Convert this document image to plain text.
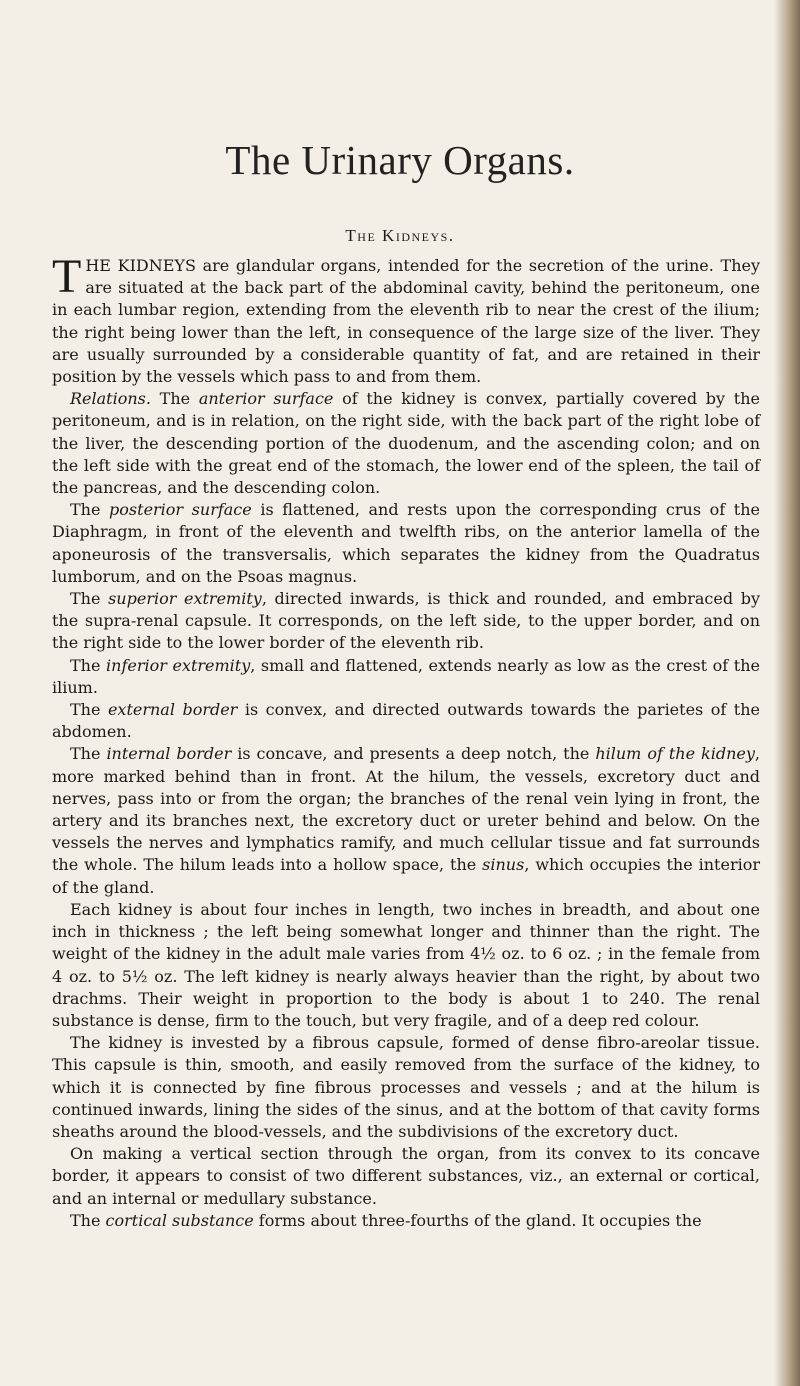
The Urinary Organs.
The Kidneys.

THE KIDNEYS are glandular organs, intended for the secretion of the urine. They are situated at the back part of the abdominal cavity, behind the peritoneum, one in each lumbar region, extending from the eleventh rib to near the crest of the ilium; the right being lower than the left, in consequence of the large size of the liver. They are usually surrounded by a considerable quantity of fat, and are retained in their position by the vessels which pass to and from them.

Relations. The anterior surface of the kidney is convex, partially covered by the peritoneum, and is in relation, on the right side, with the back part of the right lobe of the liver, the descending portion of the duodenum, and the ascending colon; and on the left side with the great end of the stomach, the lower end of the spleen, the tail of the pancreas, and the descending colon.

The posterior surface is flattened, and rests upon the corresponding crus of the Diaphragm, in front of the eleventh and twelfth ribs, on the anterior lamella of the aponeurosis of the transversalis, which separates the kidney from the Quadratus lumborum, and on the Psoas magnus.

The superior extremity, directed inwards, is thick and rounded, and embraced by the supra-renal capsule. It corresponds, on the left side, to the upper border, and on the right side to the lower border of the eleventh rib.

The inferior extremity, small and flattened, extends nearly as low as the crest of the ilium.

The external border is convex, and directed outwards towards the parietes of the abdomen.

The internal border is concave, and presents a deep notch, the hilum of the kidney, more marked behind than in front. At the hilum, the vessels, excretory duct and nerves, pass into or from the organ; the branches of the renal vein lying in front, the artery and its branches next, the excretory duct or ureter behind and below. On the vessels the nerves and lymphatics ramify, and much cellular tissue and fat surrounds the whole. The hilum leads into a hollow space, the sinus, which occupies the interior of the gland.

Each kidney is about four inches in length, two inches in breadth, and about one inch in thickness ; the left being somewhat longer and thinner than the right. The weight of the kidney in the adult male varies from 4½ oz. to 6 oz. ; in the female from 4 oz. to 5½ oz. The left kidney is nearly always heavier than the right, by about two drachms. Their weight in proportion to the body is about 1 to 240. The renal substance is dense, firm to the touch, but very fragile, and of a deep red colour.

The kidney is invested by a fibrous capsule, formed of dense fibro-areolar tissue. This capsule is thin, smooth, and easily removed from the surface of the kidney, to which it is connected by fine fibrous processes and vessels ; and at the hilum is continued inwards, lining the sides of the sinus, and at the bottom of that cavity forms sheaths around the blood-vessels, and the subdivisions of the excretory duct.

On making a vertical section through the organ, from its convex to its concave border, it appears to consist of two different substances, viz., an external or cortical, and an internal or medullary substance.

The cortical substance forms about three-fourths of the gland. It occupies the
